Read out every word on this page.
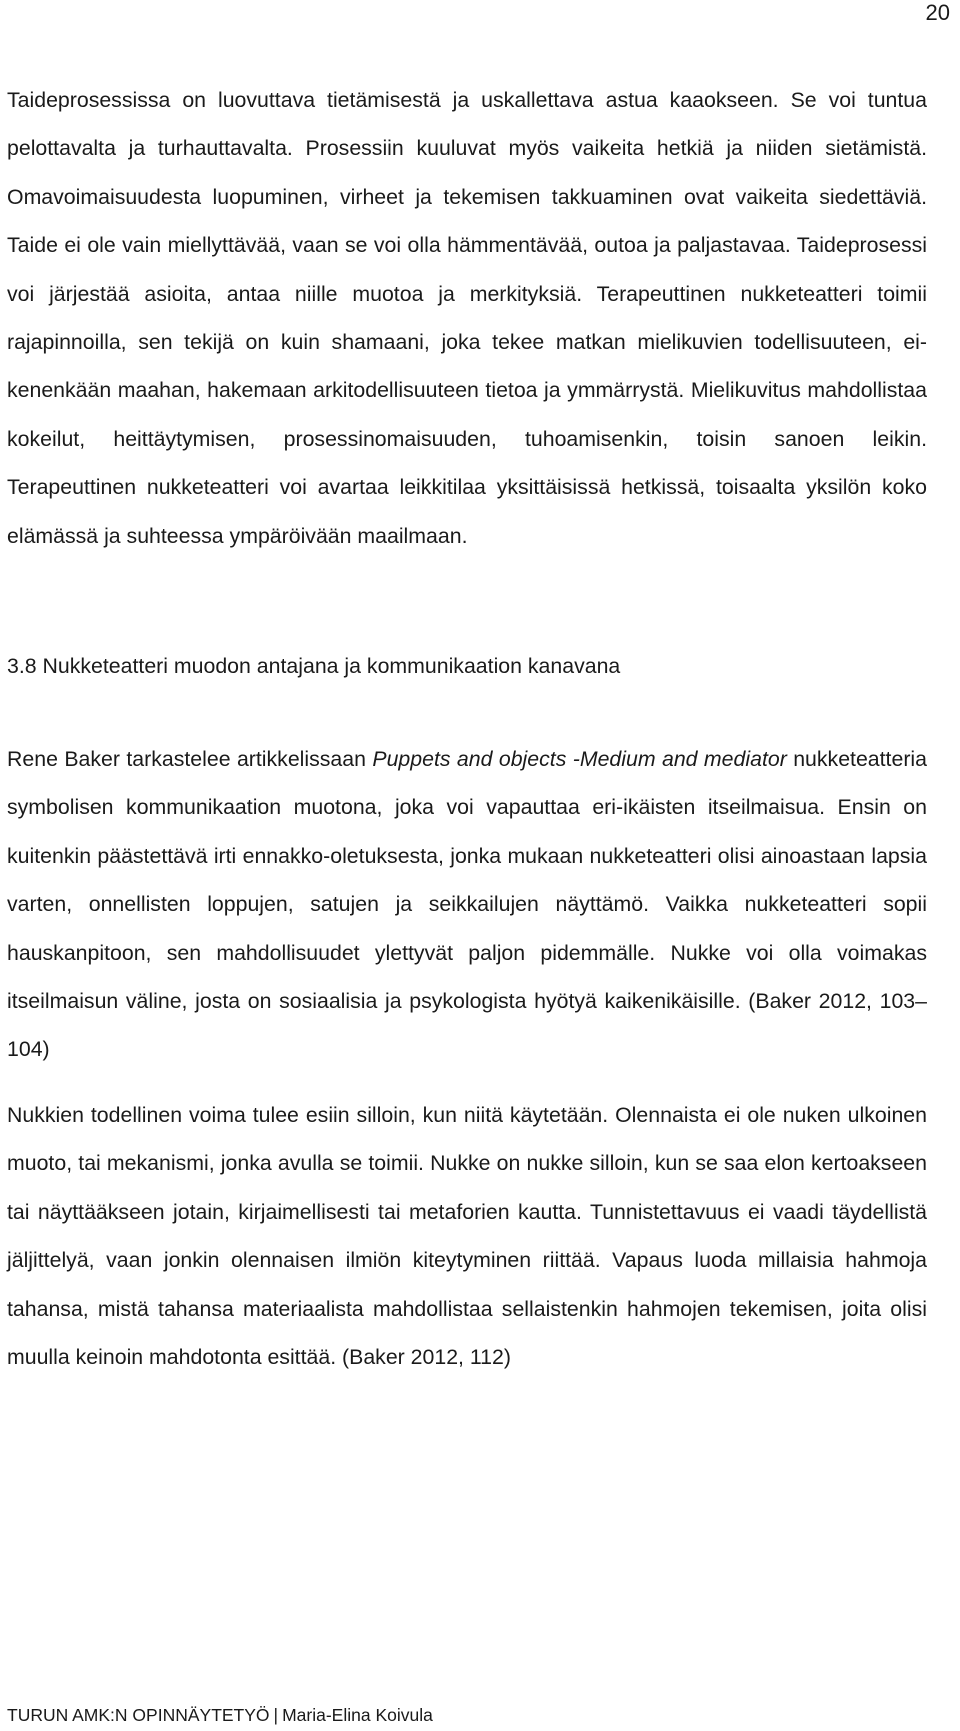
20

Taideprosessissa on luovuttava tietämisestä ja uskallettava astua kaaokseen. Se voi tuntua pelottavalta ja turhauttavalta. Prosessiin kuuluvat myös vaikeita hetkiä ja niiden sietämistä. Omavoimaisuudesta luopuminen, virheet ja tekemisen takkuaminen ovat vaikeita siedettäviä. Taide ei ole vain miellyttävää, vaan se voi olla hämmentävää, outoa ja paljastavaa. Taideprosessi voi järjestää asioita, antaa niille muotoa ja merkityksiä. Terapeuttinen nukketeatteri toimii rajapinnoilla, sen tekijä on kuin shamaani, joka tekee matkan mielikuvien todellisuuteen, ei-kenenkään maahan, hakemaan arkitodellisuuteen tietoa ja ymmärrystä. Mielikuvitus mahdollistaa kokeilut, heittäytymisen, prosessinomaisuuden, tuhoamisenkin, toisin sanoen leikin. Terapeuttinen nukketeatteri voi avartaa leikkitilaa yksittäisissä hetkissä, toisaalta yksilön koko elämässä ja suhteessa ympäröivään maailmaan.

3.8 Nukketeatteri muodon antajana ja kommunikaation kanavana

Rene Baker tarkastelee artikkelissaan Puppets and objects -Medium and mediator nukketeatteria symbolisen kommunikaation muotona, joka voi vapauttaa eri-ikäisten itseilmaisua. Ensin on kuitenkin päästettävä irti ennakko-oletuksesta, jonka mukaan nukketeatteri olisi ainoastaan lapsia varten, onnellisten loppujen, satujen ja seikkailujen näyttämö. Vaikka nukketeatteri sopii hauskanpitoon, sen mahdollisuudet ylettyvät paljon pidemmälle. Nukke voi olla voimakas itseilmaisun väline, josta on sosiaalisia ja psykologista hyötyä kaikenikäisille. (Baker 2012, 103–104)

Nukkien todellinen voima tulee esiin silloin, kun niitä käytetään. Olennaista ei ole nuken ulkoinen muoto, tai mekanismi, jonka avulla se toimii. Nukke on nukke silloin, kun se saa elon kertoakseen tai näyttääkseen jotain, kirjaimellisesti tai metaforien kautta. Tunnistettavuus ei vaadi täydellistä jäljittelyä, vaan jonkin olennaisen ilmiön kiteytyminen riittää. Vapaus luoda millaisia hahmoja tahansa, mistä tahansa materiaalista mahdollistaa sellaistenkin hahmojen tekemisen, joita olisi muulla keinoin mahdotonta esittää. (Baker 2012, 112)

TURUN AMK:N OPINNÄYTETYÖ | Maria-Elina Koivula
